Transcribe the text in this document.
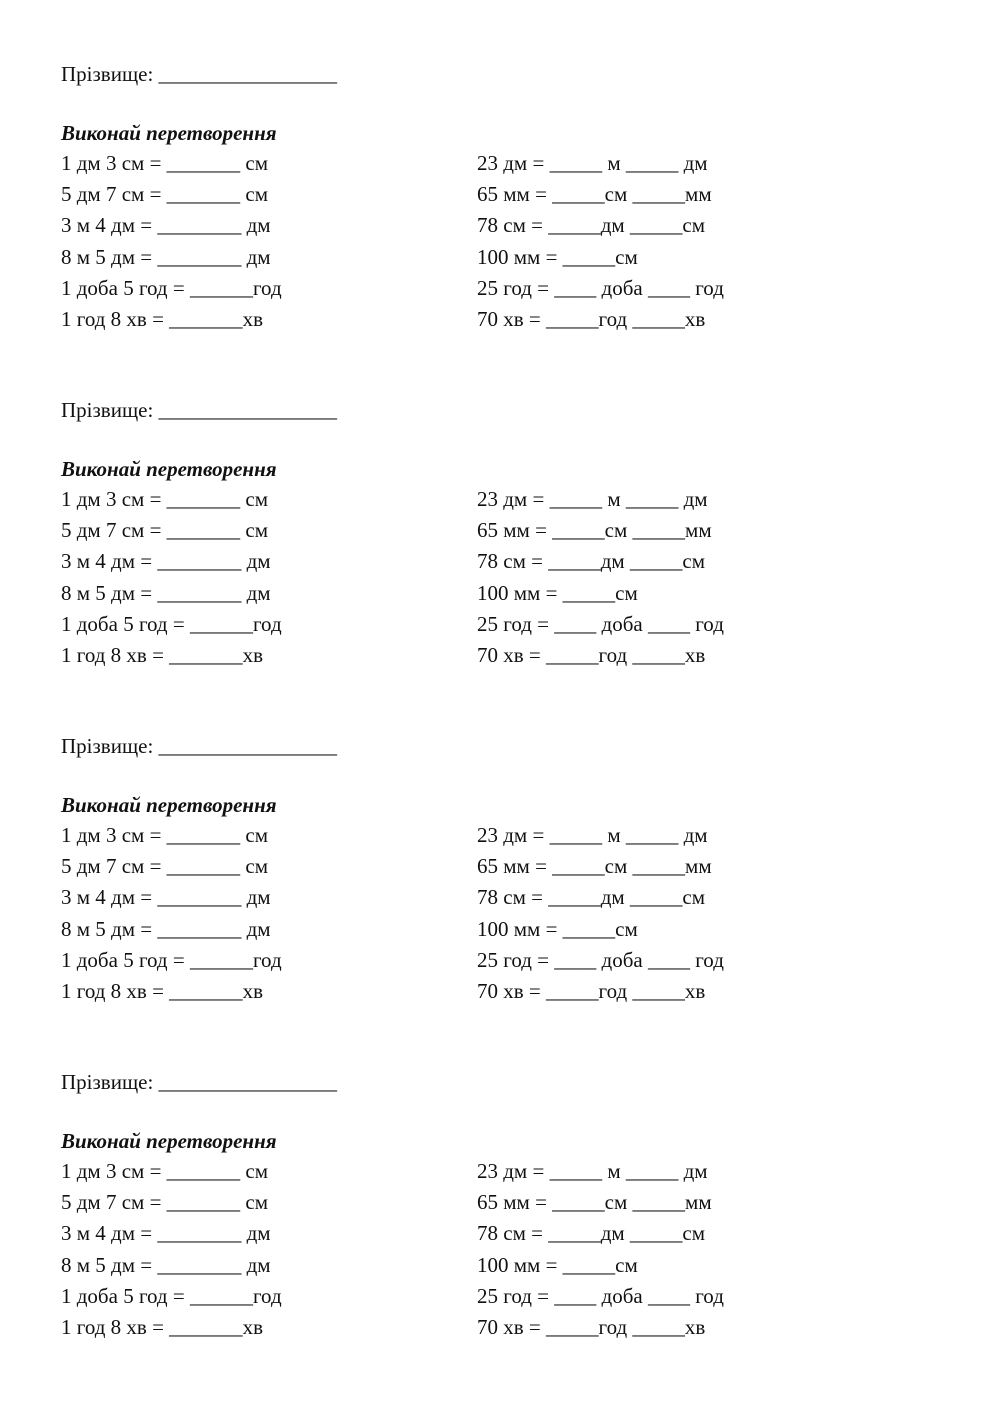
Прізвище: _________________
Виконай перетворення
1 дм 3 см = _______ см
5 дм 7 см = _______ см
3 м 4 дм = ________ дм
8 м 5 дм = ________ дм
1 доба 5 год = ______год
1 год 8 хв = _______хв
23 дм = _____ м _____ дм
65 мм = _____см _____мм
78 см = _____дм _____см
100 мм = _____см
25 год = ____ доба ____ год
70 хв = _____год _____хв
Прізвище: _________________
Виконай перетворення
1 дм 3 см = _______ см
5 дм 7 см = _______ см
3 м 4 дм = ________ дм
8 м 5 дм = ________ дм
1 доба 5 год = ______год
1 год 8 хв = _______хв
23 дм = _____ м _____ дм
65 мм = _____см _____мм
78 см = _____дм _____см
100 мм = _____см
25 год = ____ доба ____ год
70 хв = _____год _____хв
Прізвище: _________________
Виконай перетворення
1 дм 3 см = _______ см
5 дм 7 см = _______ см
3 м 4 дм = ________ дм
8 м 5 дм = ________ дм
1 доба 5 год = ______год
1 год 8 хв = _______хв
23 дм = _____ м _____ дм
65 мм = _____см _____мм
78 см = _____дм _____см
100 мм = _____см
25 год = ____ доба ____ год
70 хв = _____год _____хв
Прізвище: _________________
Виконай перетворення
1 дм 3 см = _______ см
5 дм 7 см = _______ см
3 м 4 дм = ________ дм
8 м 5 дм = ________ дм
1 доба 5 год = ______год
1 год 8 хв = _______хв
23 дм = _____ м _____ дм
65 мм = _____см _____мм
78 см = _____дм _____см
100 мм = _____см
25 год = ____ доба ____ год
70 хв = _____год _____хв
